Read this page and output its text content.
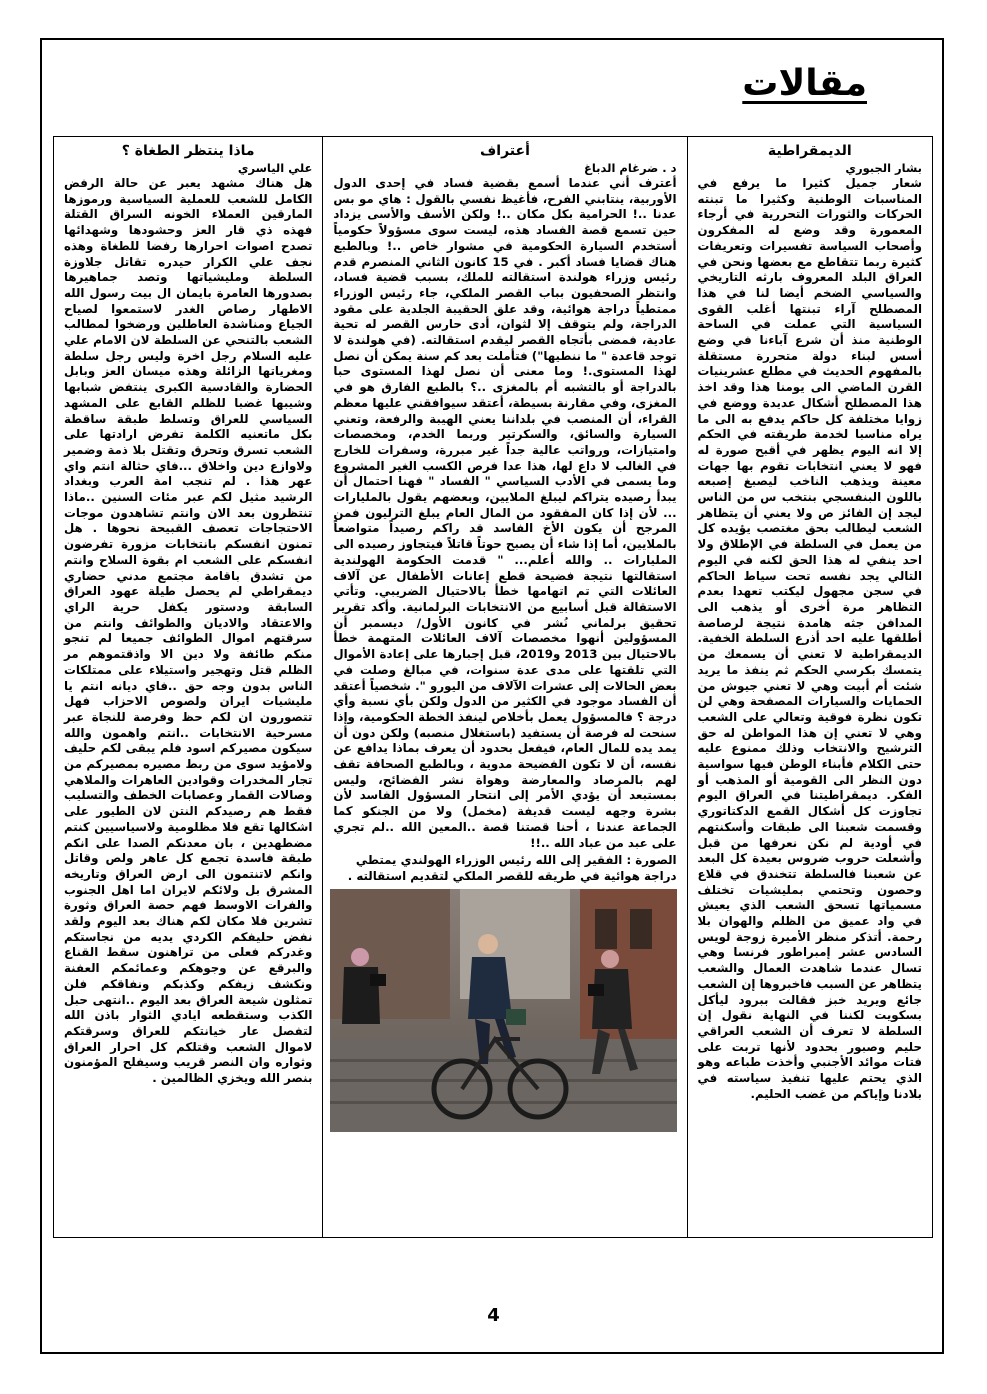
مقالات
الديمقراطية
بشار الجبوري

شعار جميل كثيرا ما يرفع في المناسبات الوطنية وكثيرا ما تبنته الحركات والثورات التحررية في أرجاء المعمورة وقد وضع له المفكرون وأصحاب السياسة تفسيرات وتعريفات كثيرة ربما تتقاطع مع بعضها ونحن في العراق البلد المعروف بارثه التاريخي والسياسي الضخم أيضا لنا في هذا المصطلح آراء تبنتها أغلب القوى السياسية التي عملت في الساحة الوطنية منذ أن شرع آباءنا في وضع أسس لبناء دولة متحررة مستقلة بالمفهوم الحديث في مطلع عشرينيات القرن الماضي الى يومنا هذا وقد اخذ هذا المصطلح أشكال عديدة ووضع في زوايا مختلفة كل حاكم يدفع به الى ما يراه مناسبا لخدمة طريقته في الحكم إلا انه اليوم يظهر في أقبح صورة له فهو لا يعني انتخابات تقوم بها جهات معينة ويذهب الناخب ليصبغ إصبعه باللون البنفسجي بنتخب س من الناس ليجد إن الفائز ص ولا يعني أن يتظاهر الشعب ليطالب بحق مغتصب يؤيده كل من يعمل في السلطة في الإطلاق ولا احد ينفي له هذا الحق لكنه في اليوم التالي يجد نفسه تحت سياط الحاكم في سجن مجهول ليكتب تعهدا بعدم التظاهر مرة أخرى أو يذهب الى المدافن جثه هامدة نتيجة لرصاصة أطلقها عليه احد أذرع السلطة الخفية. الديمقراطية لا تعني أن يسمعك من يتمسك بكرسي الحكم ثم ينفذ ما يريد شئت أم أبيت وهي لا تعني جيوش من الحمايات والسيارات المصفحة وهي لن تكون نظرة فوقية وتعالي على الشعب وهي لا تعني إن هذا المواطن له حق الترشيح والانتخاب وذلك ممنوع عليه حتى الكلام فأبناء الوطن فيها سواسية دون النظر الى القومية أو المذهب أو الفكر. ديمقراطيتنا في العراق اليوم تجاوزت كل أشكال القمع الدكتاتوري وقسمت شعبنا الى طبقات وأسكنتهم في أودية لم نكن نعرفها من قبل وأشعلت حروب ضروس بعيدة كل البعد عن شعبنا فالسلطة تتخندق في قلاع وحصون وتحتمي بمليشيات تختلف مسمياتها تسحق الشعب الذي يعيش في واد عميق من الظلم والهوان بلا رحمة. أتذكر منظر الأميرة زوجة لويس السادس عشر إمبراطور فرنسا وهي تسال عندما شاهدت العمال والشعب يتظاهر عن السبب فاخبروها إن الشعب جائع ويريد خبز فقالت ببرود ليأكل بسكويت لكننا في النهاية نقول إن السلطة لا تعرف أن الشعب العراقي حليم وصبور بحدود لأنها تربت على فتات موائد الأجنبي وأخذت طباعه وهو الذي يحتم عليها تنفيذ سياسته في بلادنا وإياكم من غضب الحليم.

أعتراف
د . ضرغام الدباغ

أعترف أني عندما أسمع بقضية فساد في إحدى الدول الأوربية، ينتابني الفرح، فأغيظ نفسي بالقول : هاي مو بس عدنا ..! الحرامية بكل مكان ..! ولكن الأسف والأسى يزداد حين تسمع قصة الفساد هذه، ليست سوى مسؤولاً حكومياً أستخدم السيارة الحكومية في مشوار خاص ..! وبالطبع هناك قضايا فساد أكبر . في 15 كانون الثاني المنصرم قدم رئيس وزراء هولندة استقالته للملك، بسبب قضية فساد، وانتظر الصحفيون بباب القصر الملكي، جاء رئيس الوزراء ممتطياً دراجة هوائية، وقد علق الحقيبة الجلدية على مقود الدراجة، ولم يتوقف إلا لثوان، أدى حارس القصر له تحية عادية، فمضى بأتجاه القصر ليقدم استقالته. (في هولندة لا توجد قاعدة " ما ننطيها") فتأملت بعد كم سنة يمكن أن نصل لهذا المستوى.! وما معنى أن نصل لهذا المستوى حبا بالدراجة أو بالتشبه أم بالمغزى ..؟ بالطبع الفارق هو في المغزى، وفي مقارنة بسيطة، أعتقد سيوافقني عليها معظم القراء، أن المنصب في بلداننا يعني الهيبة والرفعة، وتعني السيارة والسائق، والسكرتير وربما الخدم، ومخصصات وامتيازات، ورواتب عالية جداً غير مبررة، وسفرات للخارج في الغالب لا داع لها، هذا عدا فرص الكسب الغير المشروع وما يسمى في الأدب السياسي " الفساد " فهنا احتمال أن يبدأ رصيده يتراكم ليبلغ الملايين، وبعضهم يقول بالمليارات ... لأن إذا كان المفقود من المال العام يبلغ الترليون فمن المرجح أن يكون الأخ الفاسد قد راكم رصيداً متواضعاً بالملايين، أما إذا شاء أن يصبح حوتاً قاتلاً فيتجاوز رصيده الى المليارات .. والله أعلم... " قدمت الحكومة الهولندية استقالتها نتيجة فضيحة قطع إعانات الأطفال عن آلاف العائلات التي تم اتهامها خطأ بالاحتيال الضريبي. وتأتي الاستقالة قبل أسابيع من الانتخابات البرلمانية. وأكد تقرير تحقيق برلماني نُشر في كانون الأول/ ديسمبر أن المسؤولين أنهوا مخصصات آلاف العائلات المتهمة خطأ بالاحتيال بين 2013 و2019، قبل إجبارها على إعادة الأموال التي تلقتها على مدى عدة سنوات، في مبالغ وصلت في بعض الحالات إلى عشرات الآلاف من اليورو ". شخصياً أعتقد أن الفساد موجود في الكثير من الدول ولكن بأي نسبة وأي درجة ؟ فالمسؤول يعمل بأخلاص لينفذ الخطة الحكومية، وإذا سنحت له فرصة أن يستفيد (باستغلال منصبه) ولكن دون أن يمد يده للمال العام، فيفعل بحدود أن يعرف بماذا يدافع عن نفسه، أن لا تكون الفضيحة مدوية ، وبالطبع الصحافة تقف لهم بالمرصاد والمعارضة وهواة نشر الفضائح، وليس بمستبعد أن يؤدي الأمر إلى انتحار المسؤول الفاسد لأن بشرة وجهه ليست قديفة (مخمل) ولا من الجنكو كما الجماعة عندنا ، أحنا قصتنا قصة ..المعين الله ..لم تجري على عبد من عباد الله ..!!

الصورة : الفقير إلى الله رئيس الوزراء الهولندي يمتطي دراجة هوائية في طريقه للقصر الملكي لتقديم استقالته .

ماذا ينتظر الطغاة ؟
علي الياسري

هل هناك مشهد يعبر عن حالة الرفض الكامل للشعب للعملية السياسية ورموزها المارقين العملاء الخونه السراق القتلة فهذه ذي قار العز وحشودها وشهدائها تصدح اصوات احرارها رفضا للطغاة وهذه نجف علي الكرار حيدره تقاتل جلاوزة السلطة ومليشياتها وتصد جماهيرها بصدورها العامرة بايمان ال بيت رسول الله الاطهار رصاص الغدر لاستمعوا لصياح الجياع ومناشدة العاطلين ورضخوا لمطالب الشعب بالتنحي عن السلطة لان الامام علي عليه السلام رجل اخرة وليس رجل سلطة ومغرياتها الزائلة وهذه ميسان العز وبابل الحضارة والقادسية الكبرى ينتفض شبابها وشيبها غضبا للظلم القابع على المشهد السياسي للعراق وتسلط طبقة ساقطة بكل ماتعنيه الكلمة تفرض ارادتها على الشعب تسرق وتحرق وتقتل بلا ذمة وضمير ولاوازع دين واخلاق ...فاي حثالة انتم واي عهر هذا . لم تنجب امة العرب وبغداد الرشيد مثيل لكم عبر مئات السنين ..ماذا تنتظرون بعد الان وانتم تشاهدون موجات الاحتجاجات تعصف القبيحة نحوها . هل تمنون انفسكم بانتخابات مزورة تفرضون انفسكم على الشعب ام بقوة السلاح وانتم من تشدق باقامة مجتمع مدني حضاري ديمقراطي لم يحصل طيلة عهود العراق السابقة ودستور يكفل حرية الراي والاعتقاد والاديان والطوائف وانتم من سرقتهم اموال الطوائف جميعا لم تنجو منكم طائفة ولا دين الا واذقتموهم مر الظلم قتل وتهجير واستيلاء على ممتلكات الناس بدون وجه حق ..فاي ديانه انتم يا مليشيات ايران ولصوص الاحزاب فهل تتصورون ان لكم حظ وفرصة للنجاة عبر مسرحية الانتخابات ..انتم واهمون والله سيكون مصيركم اسود فلم يبقى لكم حليف ولامؤيد سوى من ربط مصيره بمصيركم من تجار المخدرات وقوادين العاهرات والملاهي وصالات القمار وعصابات الخطف والتسليب فقط هم رصيدكم النتن لان الطيور على اشكالها تقع فلا مظلومية ولاسياسيين كنتم مضطهدين ، بان معدنكم الصدا على انكم طبقة فاسدة تجمع كل عاهر ولص وقاتل وانكم لاتنتمون الى ارض العراق وتاريخه المشرق بل ولائكم لايران اما اهل الجنوب والفرات الاوسط فهم حصة العراق وثورة تشرين فلا مكان لكم هناك بعد اليوم ولقد نفض حليفكم الكردي يديه من نجاستكم وغدركم فعلى من تراهنون سقط القناع والبرقع عن وجوهكم وعمائمكم العفنة ونكشف زيفكم وكذبكم ونفاقكم فلن تمثلون شيعة العراق بعد اليوم ..انتهى حبل الكذب وستقطعه ايادي الثوار باذن الله لتفصل عار خيانتكم للعراق وسرقتكم لاموال الشعب وقتلكم كل احرار العراق وثواره وان النصر قريب وسيفلح المؤمنون بنصر الله ويخزي الظالمين .

4
